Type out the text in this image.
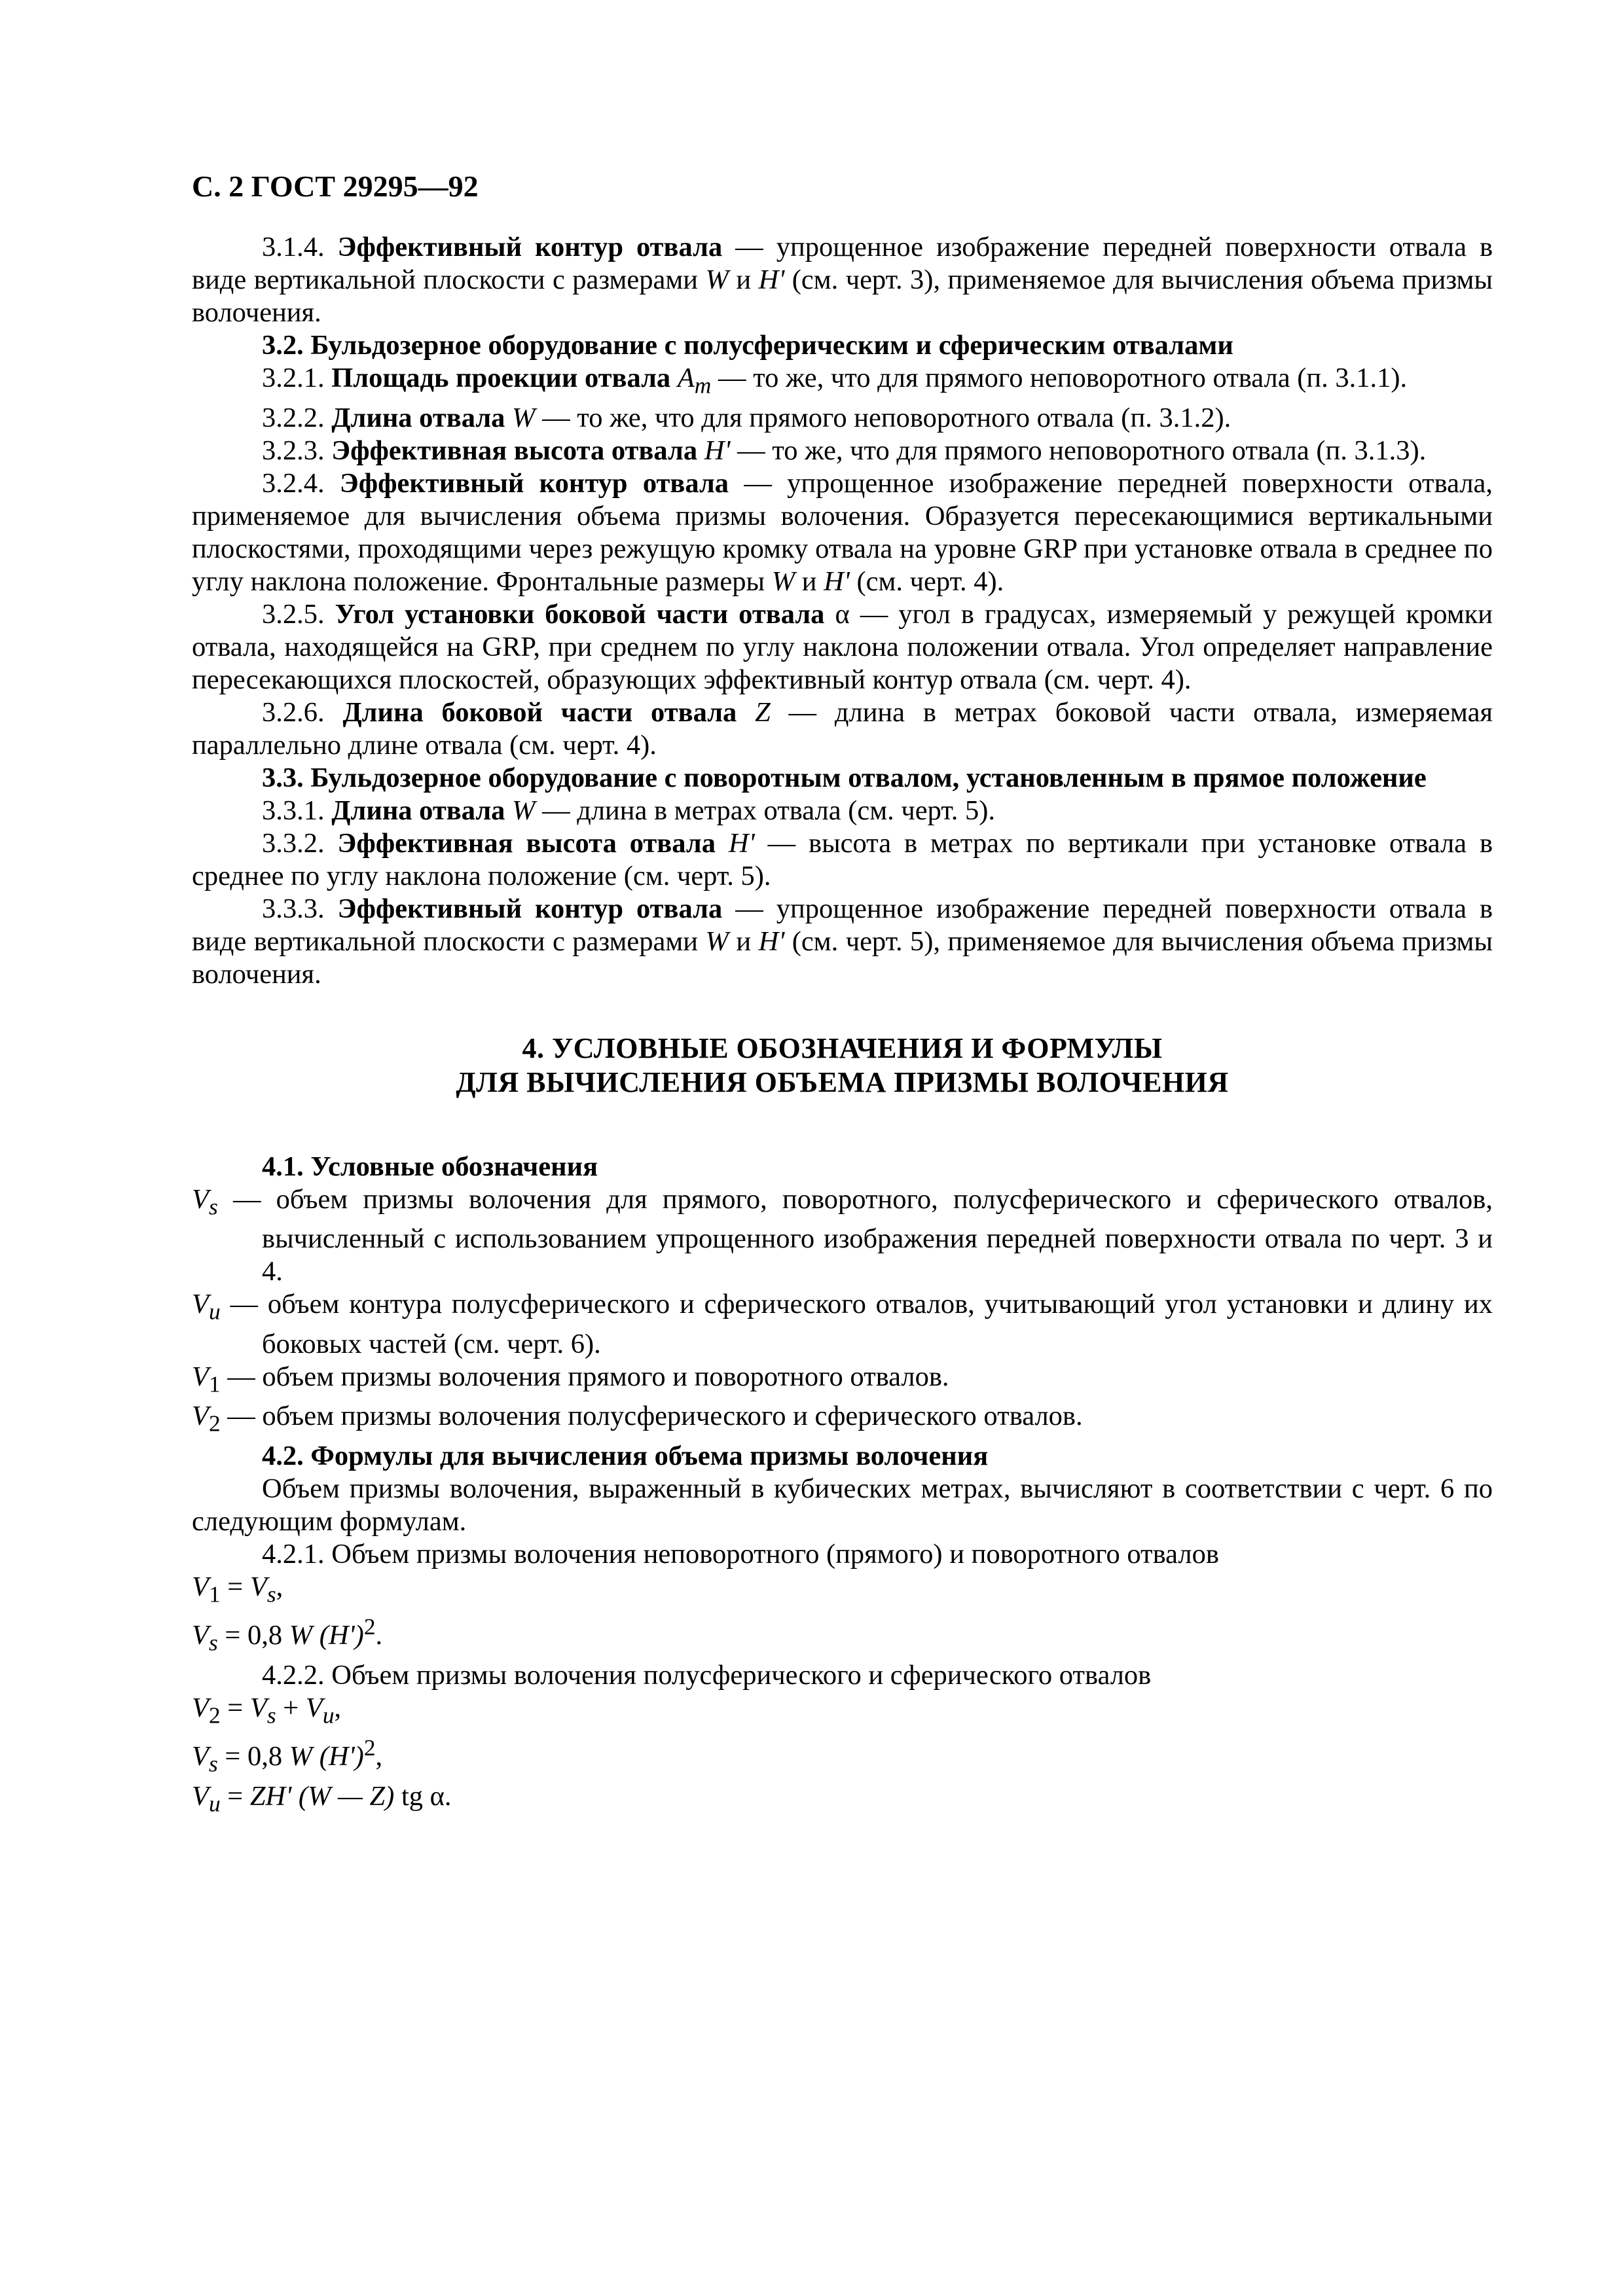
С. 2 ГОСТ 29295—92

3.1.4. Эффективный контур отвала — упрощенное изображение передней поверхности отвала в виде вертикальной плоскости с размерами W и H' (см. черт. 3), применяемое для вычисления объема призмы волочения.

3.2. Бульдозерное оборудование с полусферическим и сферическим отвалами

3.2.1. Площадь проекции отвала $A_m$ — то же, что для прямого неповоротного отвала (п. 3.1.1).

3.2.2. Длина отвала W — то же, что для прямого неповоротного отвала (п. 3.1.2).

3.2.3. Эффективная высота отвала H' — то же, что для прямого неповоротного отвала (п. 3.1.3).

3.2.4. Эффективный контур отвала — упрощенное изображение передней поверхности отвала, применяемое для вычисления объема призмы волочения. Образуется пересекающимися вертикальными плоскостями, проходящими через режущую кромку отвала на уровне GRP при установке отвала в среднее по углу наклона положение. Фронтальные размеры W и H' (см. черт. 4).

3.2.5. Угол установки боковой части отвала α — угол в градусах, измеряемый у режущей кромки отвала, находящейся на GRP, при среднем по углу наклона положении отвала. Угол определяет направление пересекающихся плоскостей, образующих эффективный контур отвала (см. черт. 4).

3.2.6. Длина боковой части отвала Z — длина в метрах боковой части отвала, измеряемая параллельно длине отвала (см. черт. 4).

3.3. Бульдозерное оборудование с поворотным отвалом, установленным в прямое положение

3.3.1. Длина отвала W — длина в метрах отвала (см. черт. 5).

3.3.2. Эффективная высота отвала H' — высота в метрах по вертикали при установке отвала в среднее по углу наклона положение (см. черт. 5).

3.3.3. Эффективный контур отвала — упрощенное изображение передней поверхности отвала в виде вертикальной плоскости с размерами W и H' (см. черт. 5), применяемое для вычисления объема призмы волочения.

4. УСЛОВНЫЕ ОБОЗНАЧЕНИЯ И ФОРМУЛЫ
ДЛЯ ВЫЧИСЛЕНИЯ ОБЪЕМА ПРИЗМЫ ВОЛОЧЕНИЯ

4.1. Условные обозначения

$V_s$ — объем призмы волочения для прямого, поворотного, полусферического и сферического отвалов, вычисленный с использованием упрощенного изображения передней поверхности отвала по черт. 3 и 4.

$V_u$ — объем контура полусферического и сферического отвалов, учитывающий угол установки и длину их боковых частей (см. черт. 6).

$V_1$ — объем призмы волочения прямого и поворотного отвалов.

$V_2$ — объем призмы волочения полусферического и сферического отвалов.

4.2. Формулы для вычисления объема призмы волочения

Объем призмы волочения, выраженный в кубических метрах, вычисляют в соответствии с черт. 6 по следующим формулам.

4.2.1. Объем призмы волочения неповоротного (прямого) и поворотного отвалов

$V_1 = V_s$,

$V_s = 0,8$ W $(H')^2$.

4.2.2. Объем призмы волочения полусферического и сферического отвалов

$V_2 = V_s + V_u$,

$V_s = 0,8$ W $(H')^2$,

$V_u = ZH'$ (W — Z) tg α.
